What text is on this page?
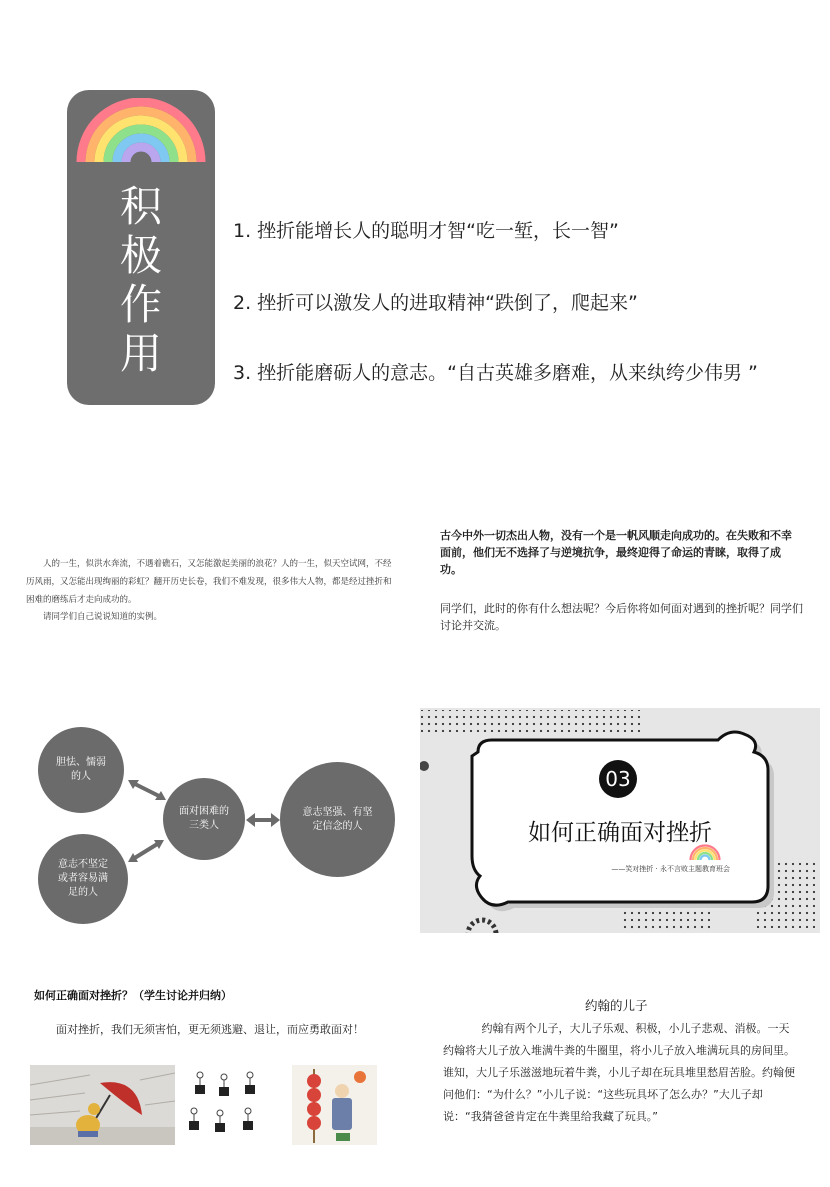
积极作用
1. 挫折能增长人的聪明才智“吃一堑，长一智”
2. 挫折可以激发人的进取精神“跌倒了，爬起来”
3. 挫折能磨砺人的意志。“自古英雄多磨难，从来纨绔少伟男 ”
人的一生，似洪水奔流，不遇着礁石，又怎能激起美丽的浪花？人的一生，似天空试网，不经历风雨，又怎能出现绚丽的彩虹？翻开历史长卷，我们不难发现，很多伟大人物，都是经过挫折和困难的磨练后才走向成功的。
请同学们自己说说知道的实例。
古今中外一切杰出人物，没有一个是一帆风顺走向成功的。在失败和不幸面前，他们无不选择了与逆境抗争，最终迎得了命运的青睐，取得了成功。
同学们，此时的你有什么想法呢？今后你将如何面对遇到的挫折呢？同学们讨论并交流。
胆怯、懦弱的人
意志不坚定或者容易满足的人
面对困难的三类人
意志坚强、有坚定信念的人
03
如何正确面对挫折
——笑对挫折 · 永不言败主题教育班会
如何正确面对挫折？（学生讨论并归纳）
面对挫折，我们无须害怕，更无须逃避、退让，而应勇敢面对！
约翰的儿子
约翰有两个儿子，大儿子乐观、积极，小儿子悲观、消极。一天约翰将大儿子放入堆满牛粪的牛圈里，将小儿子放入堆满玩具的房间里。谁知，大儿子乐滋滋地玩着牛粪，小儿子却在玩具堆里愁眉苦脸。约翰便问他们：“为什么？”小儿子说：“这些玩具坏了怎么办？”大儿子却说：“我猜爸爸肯定在牛粪里给我藏了玩具。”
